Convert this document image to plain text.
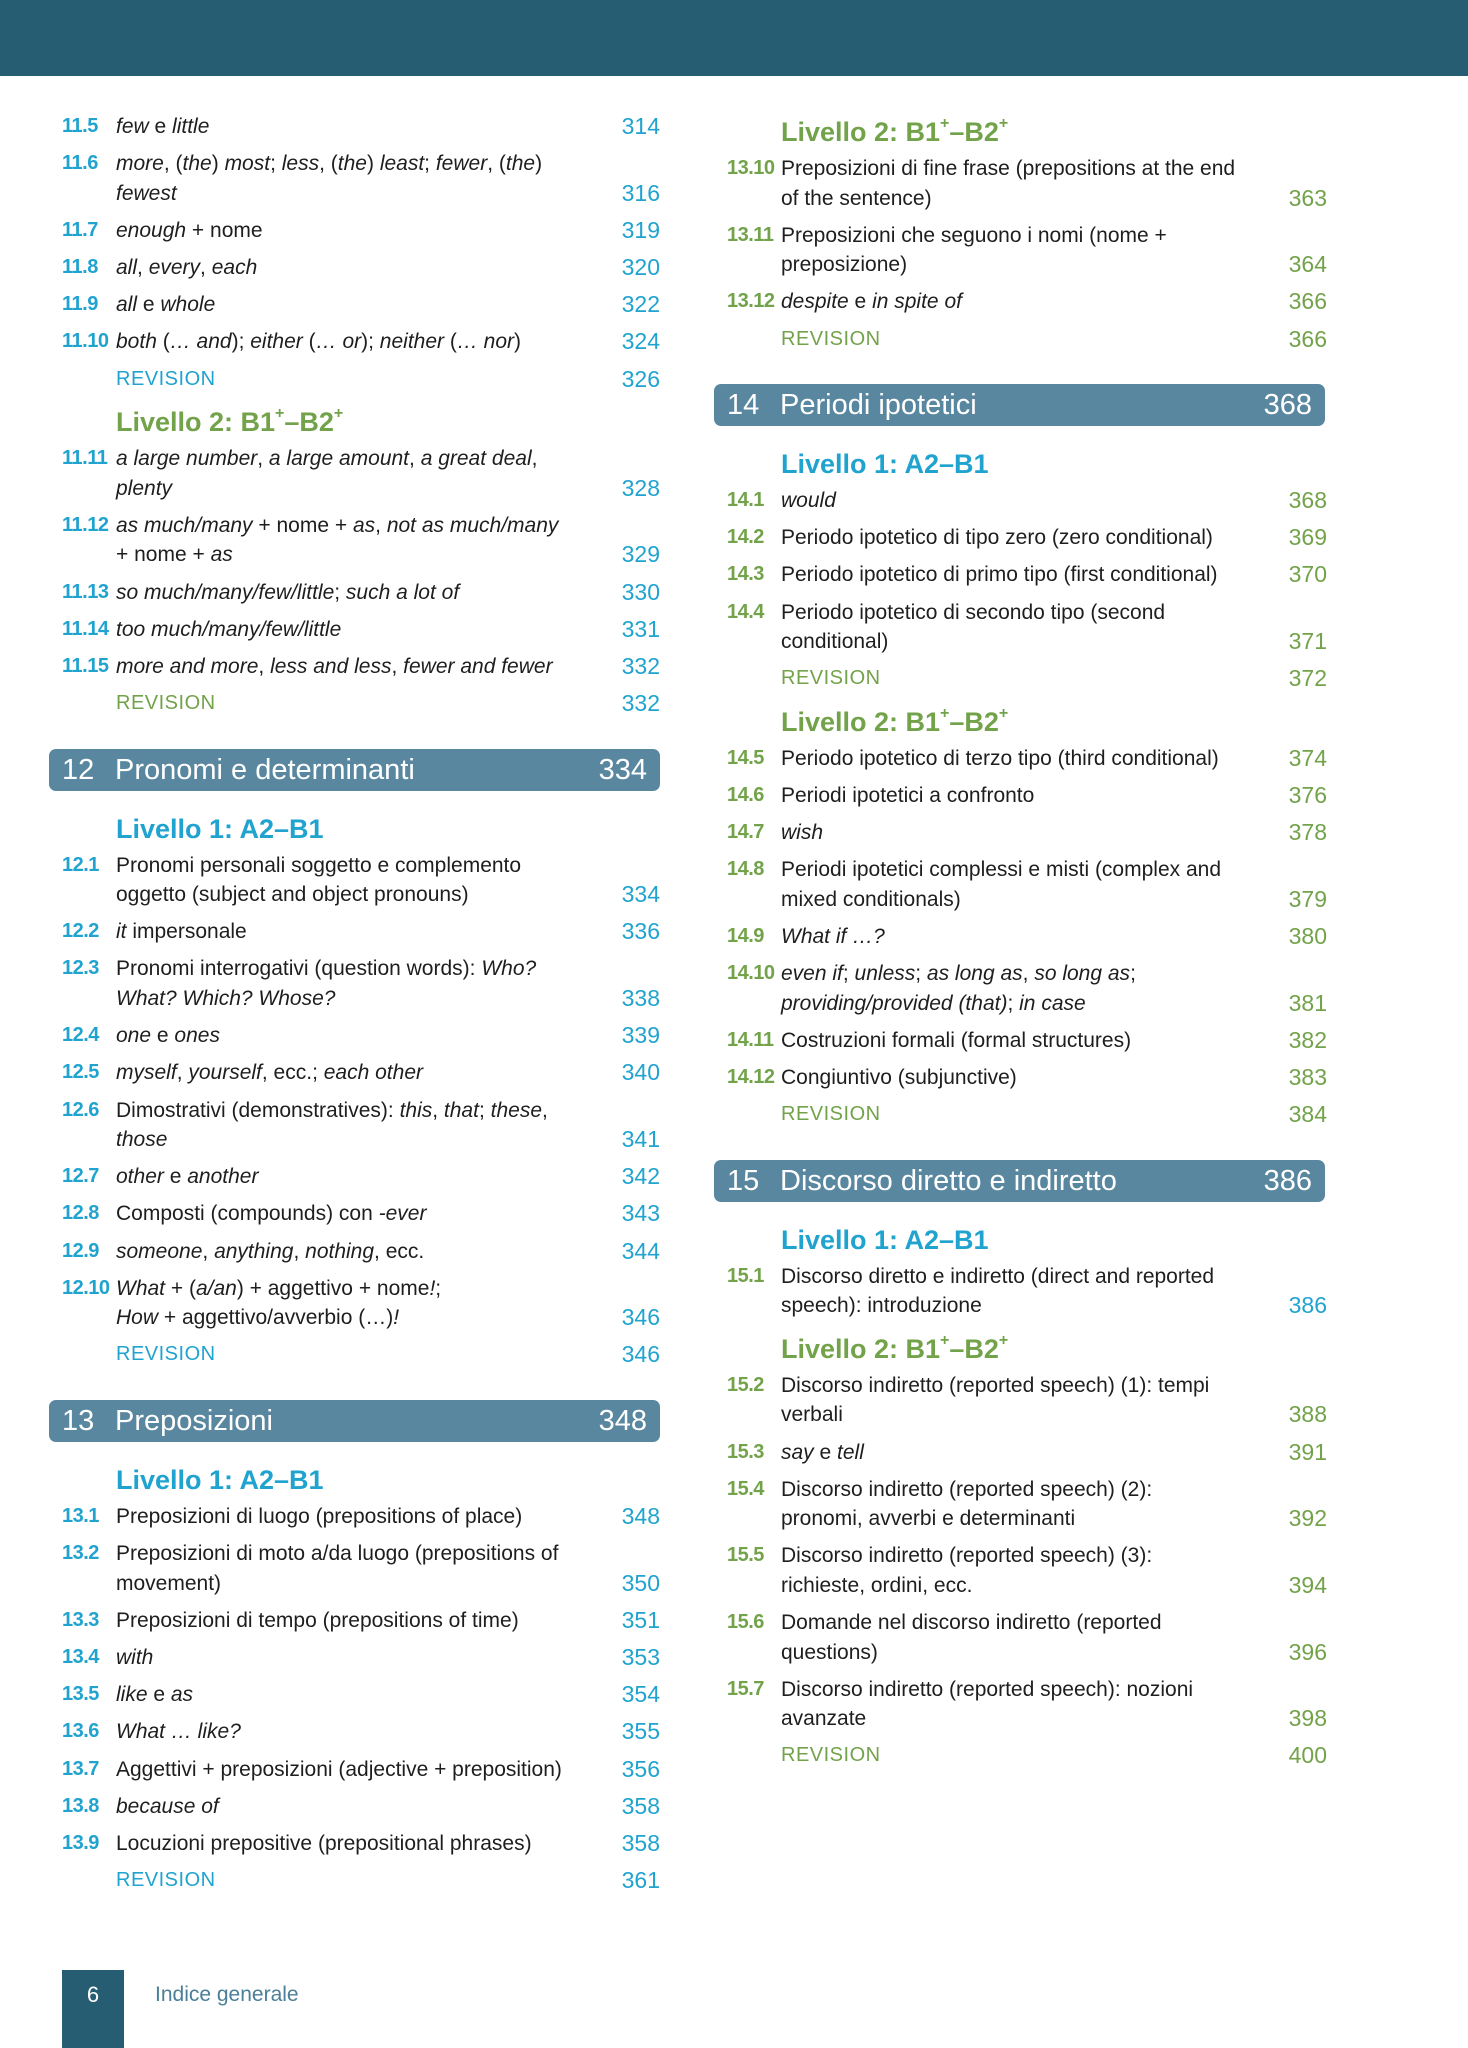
11.5 few e little	314
11.6 more, (the) most; less, (the) least; fewer, (the) fewest	316
11.7 enough + nome	319
11.8 all, every, each	320
11.9 all e whole	322
11.10 both (… and); either (… or); neither (… nor)	324
REVISION	326
Livello 2: B1+–B2+
11.11 a large number, a large amount, a great deal, plenty	328
11.12 as much/many + nome + as, not as much/many + nome + as	329
11.13 so much/many/few/little; such a lot of	330
11.14 too much/many/few/little	331
11.15 more and more, less and less, fewer and fewer	332
REVISION	332
12 Pronomi e determinanti	334
Livello 1: A2–B1
12.1 Pronomi personali soggetto e complemento oggetto (subject and object pronouns)	334
12.2 it impersonale	336
12.3 Pronomi interrogativi (question words): Who? What? Which? Whose?	338
12.4 one e ones	339
12.5 myself, yourself, ecc.; each other	340
12.6 Dimostrativi (demonstratives): this, that; these, those	341
12.7 other e another	342
12.8 Composti (compounds) con -ever	343
12.9 someone, anything, nothing, ecc.	344
12.10 What + (a/an) + aggettivo + nome!;
How + aggettivo/avverbio (…)!	346
REVISION	346
13 Preposizioni	348
Livello 1: A2–B1
13.1 Preposizioni di luogo (prepositions of place)	348
13.2 Preposizioni di moto a/da luogo (prepositions of movement)	350
13.3 Preposizioni di tempo (prepositions of time)	351
13.4 with	353
13.5 like e as	354
13.6 What … like?	355
13.7 Aggettivi + preposizioni (adjective + preposition)	356
13.8 because of	358
13.9 Locuzioni prepositive (prepositional phrases)	358
REVISION	361
Livello 2: B1+–B2+
13.10 Preposizioni di fine frase (prepositions at the end of the sentence)	363
13.11 Preposizioni che seguono i nomi (nome + preposizione)	364
13.12 despite e in spite of	366
REVISION	366
14 Periodi ipotetici	368
Livello 1: A2–B1
14.1 would	368
14.2 Periodo ipotetico di tipo zero (zero conditional)	369
14.3 Periodo ipotetico di primo tipo (first conditional)	370
14.4 Periodo ipotetico di secondo tipo (second conditional)	371
REVISION	372
Livello 2: B1+–B2+
14.5 Periodo ipotetico di terzo tipo (third conditional)	374
14.6 Periodi ipotetici a confronto	376
14.7 wish	378
14.8 Periodi ipotetici complessi e misti (complex and mixed conditionals)	379
14.9 What if …?	380
14.10 even if; unless; as long as, so long as; providing/provided (that); in case	381
14.11 Costruzioni formali (formal structures)	382
14.12 Congiuntivo (subjunctive)	383
REVISION	384
15 Discorso diretto e indiretto	386
Livello 1: A2–B1
15.1 Discorso diretto e indiretto (direct and reported speech): introduzione	386
Livello 2: B1+–B2+
15.2 Discorso indiretto (reported speech) (1): tempi verbali	388
15.3 say e tell	391
15.4 Discorso indiretto (reported speech) (2): pronomi, avverbi e determinanti	392
15.5 Discorso indiretto (reported speech) (3): richieste, ordini, ecc.	394
15.6 Domande nel discorso indiretto (reported questions)	396
15.7 Discorso indiretto (reported speech): nozioni avanzate	398
REVISION	400
6	Indice generale
